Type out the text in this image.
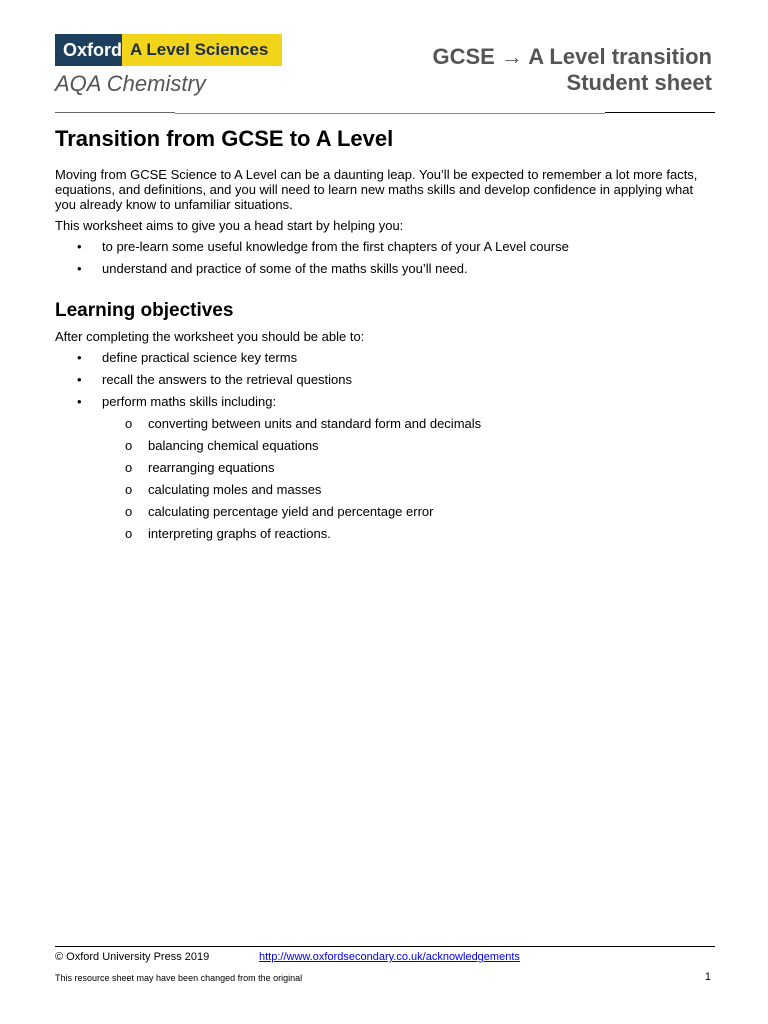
Oxford A Level Sciences
AQA Chemistry
GCSE → A Level transition
Student sheet
Transition from GCSE to A Level

Moving from GCSE Science to A Level can be a daunting leap. You’ll be expected to remember a lot more facts, equations, and definitions, and you will need to learn new maths skills and develop confidence in applying what you already know to unfamiliar situations.

This worksheet aims to give you a head start by helping you:

• to pre-learn some useful knowledge from the first chapters of your A Level course
• understand and practice of some of the maths skills you’ll need.
Learning objectives

After completing the worksheet you should be able to:

• define practical science key terms
• recall the answers to the retrieval questions
• perform maths skills including:
o converting between units and standard form and decimals
o balancing chemical equations
o rearranging equations
o calculating moles and masses
o calculating percentage yield and percentage error
o interpreting graphs of reactions.
© Oxford University Press 2019	http://www.oxfordsecondary.co.uk/acknowledgements
This resource sheet may have been changed from the original	1
